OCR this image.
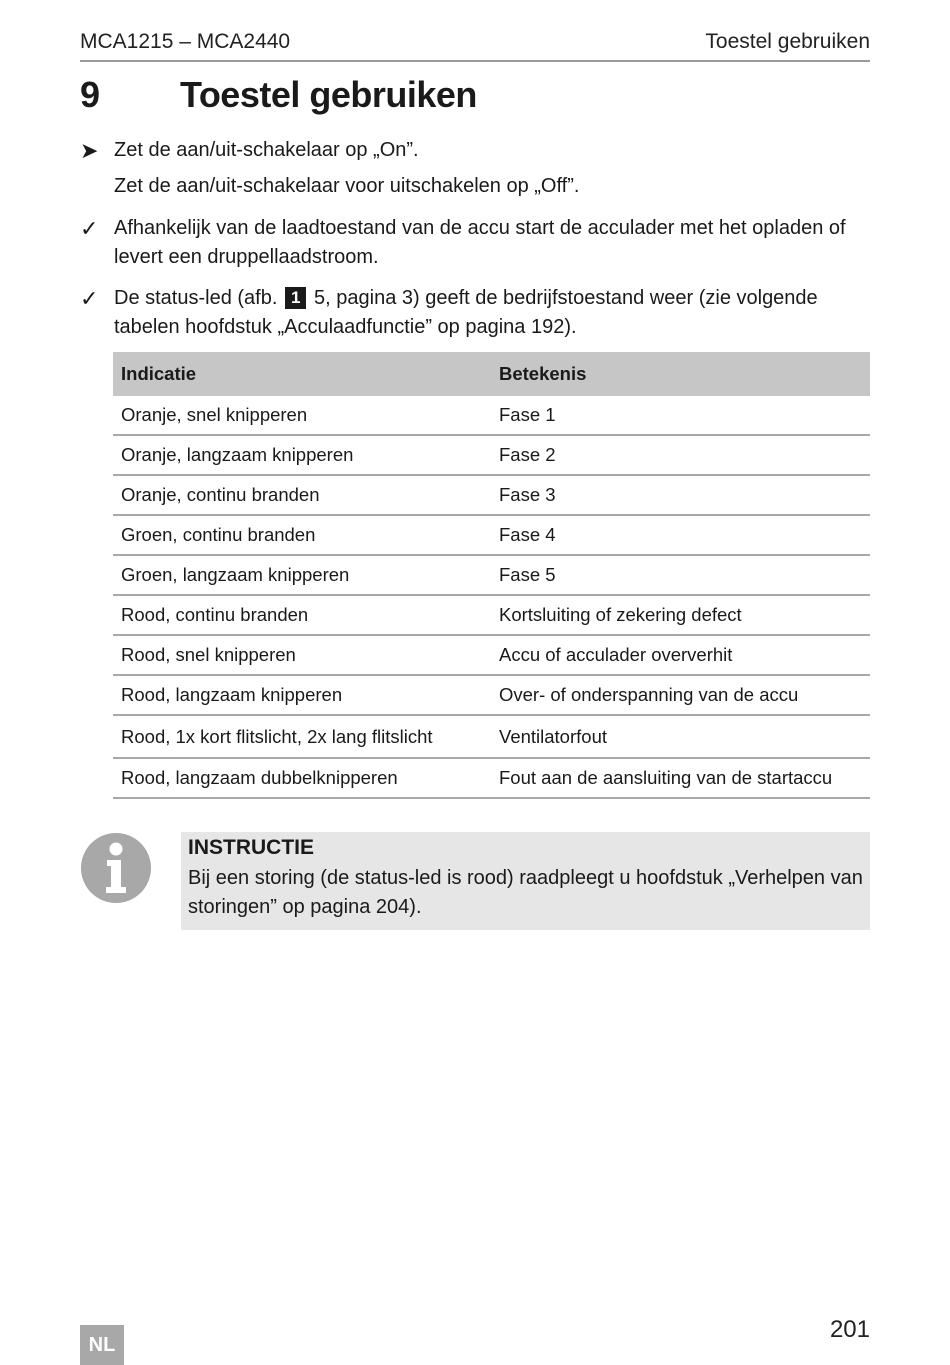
MCA1215 – MCA2440	Toestel gebruiken
9 Toestel gebruiken
➤ Zet de aan/uit-schakelaar op „On”.
Zet de aan/uit-schakelaar voor uitschakelen op „Off”.
✓ Afhankelijk van de laadtoestand van de accu start de acculader met het opladen of levert een druppellaadstroom.
✓ De status-led (afb. 1 5, pagina 3) geeft de bedrijfstoestand weer (zie volgende tabelen hoofdstuk „Acculaadfunctie” op pagina 192).
Indicatie	Betekenis
Oranje, snel knipperen	Fase 1
Oranje, langzaam knipperen	Fase 2
Oranje, continu branden	Fase 3
Groen, continu branden	Fase 4
Groen, langzaam knipperen	Fase 5
Rood, continu branden	Kortsluiting of zekering defect
Rood, snel knipperen	Accu of acculader oververhit
Rood, langzaam knipperen	Over- of onderspanning van de accu
Rood, 1x kort flitslicht, 2x lang flitslicht	Ventilatorfout
Rood, langzaam dubbelknipperen	Fout aan de aansluiting van de startaccu
INSTRUCTIE
Bij een storing (de status-led is rood) raadpleegt u hoofdstuk „Verhelpen van storingen” op pagina 204).
NL
201
